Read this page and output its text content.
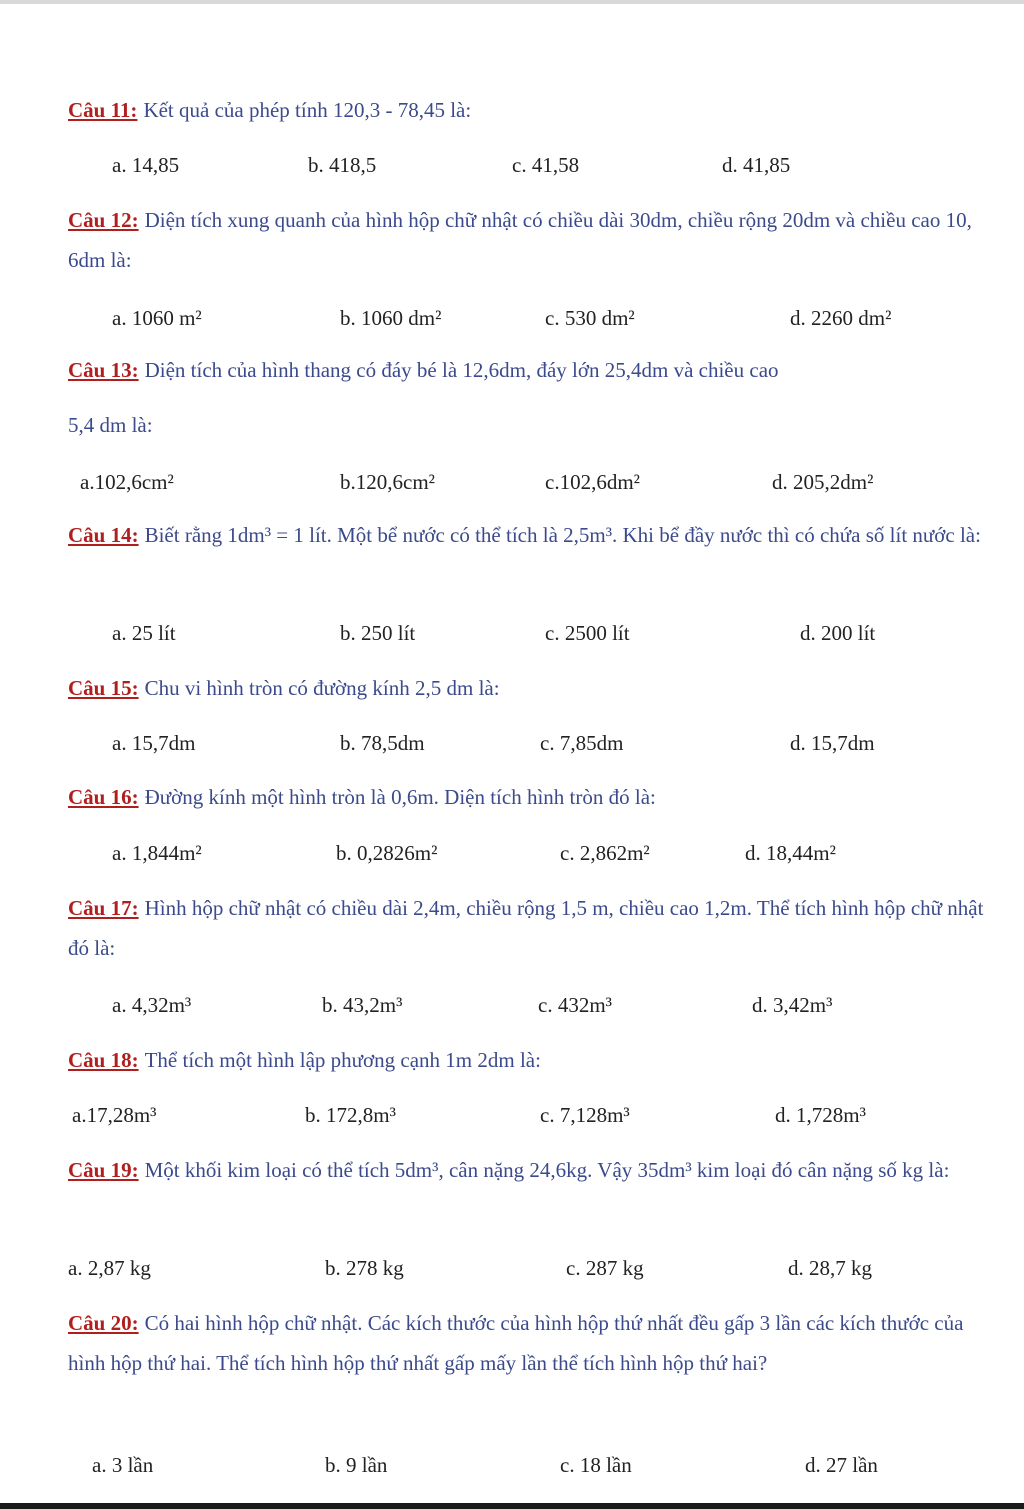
Câu 11: Kết quả của phép tính 120,3 - 78,45 là:

a. 14,85	b. 418,5	c. 41,58	d. 41,85

Câu 12: Diện tích xung quanh của hình hộp chữ nhật có chiều dài 30dm, chiều rộng 20dm và chiều cao 10, 6dm là:

a. 1060 m²	b. 1060 dm²	c. 530 dm²	d. 2260 dm²

Câu 13: Diện tích của hình thang có đáy bé là 12,6dm, đáy lớn 25,4dm và chiều cao

5,4 dm là:

a.102,6cm²	b.120,6cm²	c.102,6dm²	d. 205,2dm²

Câu 14: Biết rằng 1dm³ = 1 lít. Một bể nước có thể tích là 2,5m³. Khi bể đầy nước thì có chứa số lít nước là:

a. 25 lít	b. 250 lít	c. 2500 lít	d. 200 lít

Câu 15: Chu vi hình tròn có đường kính 2,5 dm là:

a. 15,7dm	b. 78,5dm	c. 7,85dm	d. 15,7dm

Câu 16: Đường kính một hình tròn là 0,6m. Diện tích hình tròn đó là:

a. 1,844m²	b. 0,2826m²	c. 2,862m²	d. 18,44m²

Câu 17: Hình hộp chữ nhật có chiều dài 2,4m, chiều rộng 1,5 m, chiều cao 1,2m. Thể tích hình hộp chữ nhật đó là:

a. 4,32m³	b. 43,2m³	c. 432m³	d. 3,42m³

Câu 18: Thể tích một hình lập phương cạnh 1m 2dm là:

a.17,28m³	b. 172,8m³	c. 7,128m³	d. 1,728m³

Câu 19: Một khối kim loại có thể tích 5dm³, cân nặng 24,6kg. Vậy 35dm³ kim loại đó cân nặng số kg là:

a. 2,87 kg	b. 278 kg	c. 287 kg	d. 28,7 kg

Câu 20: Có hai hình hộp chữ nhật. Các kích thước của hình hộp thứ nhất đều gấp 3 lần các kích thước của hình hộp thứ hai. Thể tích hình hộp thứ nhất gấp mấy lần thể tích hình hộp thứ hai?

a. 3 lần	b. 9 lần	c. 18 lần	d. 27 lần
